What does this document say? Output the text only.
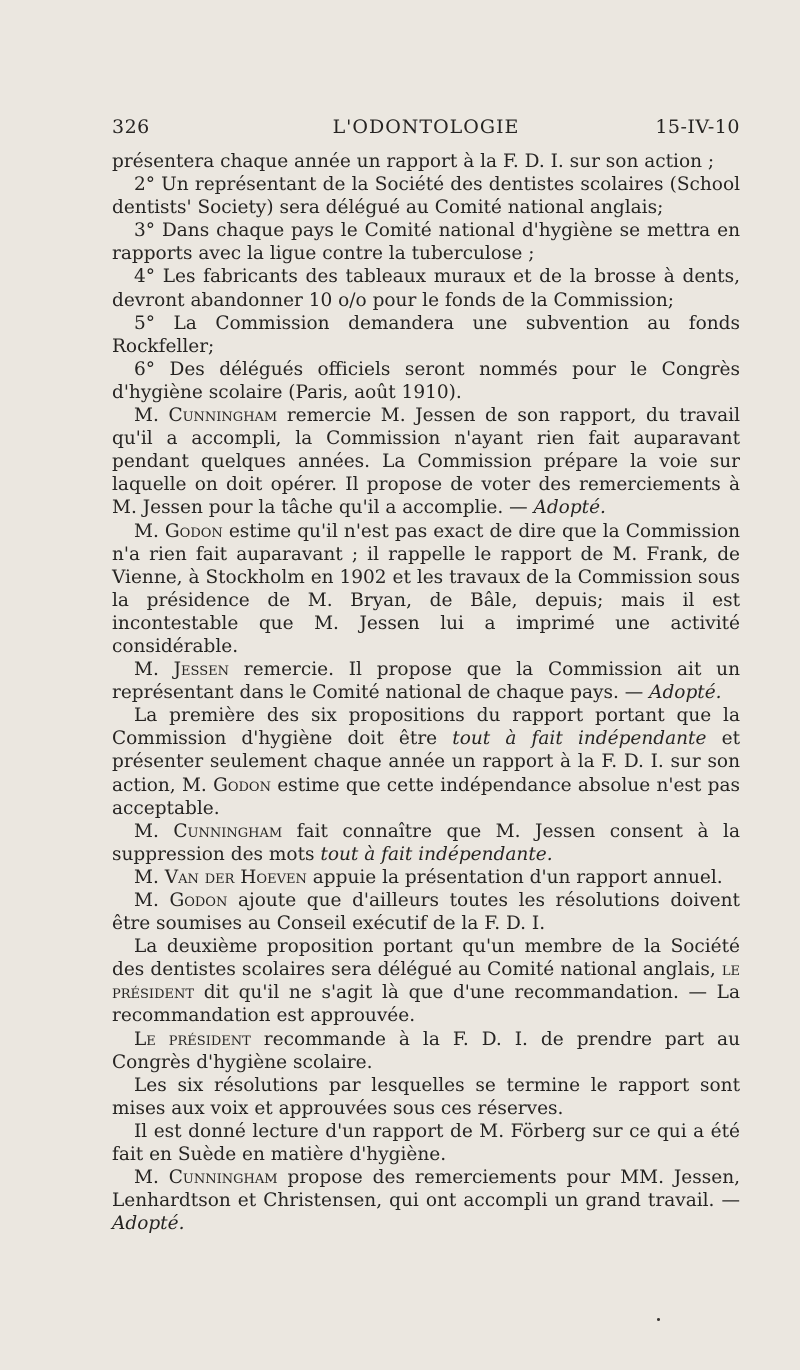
326	L'ODONTOLOGIE	15-IV-10

présentera chaque année un rapport à la F. D. I. sur son action ;

2° Un représentant de la Société des dentistes scolaires (School dentists' Society) sera délégué au Comité national anglais;

3° Dans chaque pays le Comité national d'hygiène se mettra en rapports avec la ligue contre la tuberculose ;

4° Les fabricants des tableaux muraux et de la brosse à dents, devront abandonner 10 o/o pour le fonds de la Commission;

5° La Commission demandera une subvention au fonds Rockfeller;

6° Des délégués officiels seront nommés pour le Congrès d'hygiène scolaire (Paris, août 1910).

M. Cunningham remercie M. Jessen de son rapport, du travail qu'il a accompli, la Commission n'ayant rien fait auparavant pendant quelques années. La Commission prépare la voie sur laquelle on doit opérer. Il propose de voter des remerciements à M. Jessen pour la tâche qu'il a accomplie. — Adopté.

M. Godon estime qu'il n'est pas exact de dire que la Commission n'a rien fait auparavant ; il rappelle le rapport de M. Frank, de Vienne, à Stockholm en 1902 et les travaux de la Commission sous la présidence de M. Bryan, de Bâle, depuis; mais il est incontestable que M. Jessen lui a imprimé une activité considérable.

M. Jessen remercie. Il propose que la Commission ait un représentant dans le Comité national de chaque pays. — Adopté.

La première des six propositions du rapport portant que la Commission d'hygiène doit être tout à fait indépendante et présenter seulement chaque année un rapport à la F. D. I. sur son action, M. Godon estime que cette indépendance absolue n'est pas acceptable.

M. Cunningham fait connaître que M. Jessen consent à la suppression des mots tout à fait indépendante.

M. Van der Hoeven appuie la présentation d'un rapport annuel.

M. Godon ajoute que d'ailleurs toutes les résolutions doivent être soumises au Conseil exécutif de la F. D. I.

La deuxième proposition portant qu'un membre de la Société des dentistes scolaires sera délégué au Comité national anglais, le président dit qu'il ne s'agit là que d'une recommandation. — La recommandation est approuvée.

Le président recommande à la F. D. I. de prendre part au Congrès d'hygiène scolaire.

Les six résolutions par lesquelles se termine le rapport sont mises aux voix et approuvées sous ces réserves.

Il est donné lecture d'un rapport de M. Förberg sur ce qui a été fait en Suède en matière d'hygiène.

M. Cunningham propose des remerciements pour MM. Jessen, Lenhardtson et Christensen, qui ont accompli un grand travail. — Adopté.
